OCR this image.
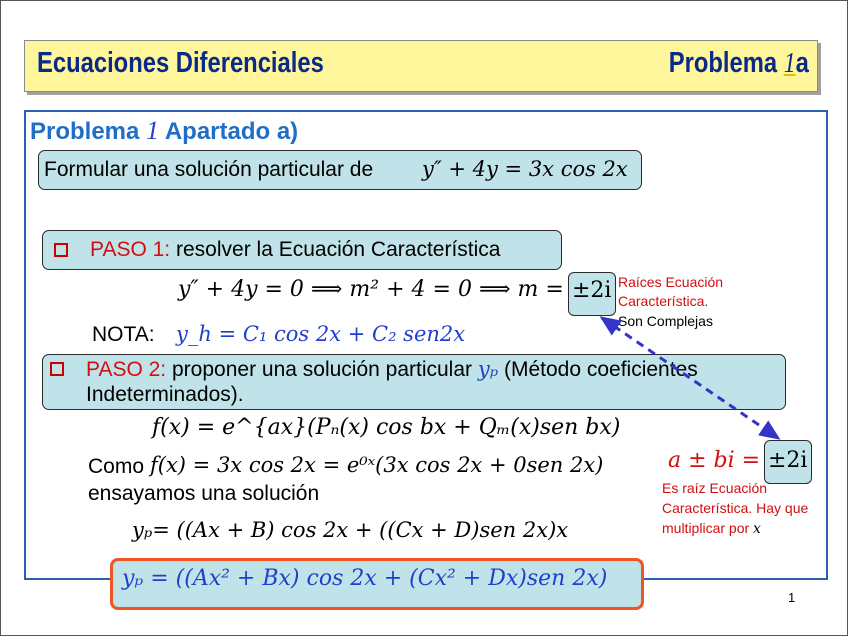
Ecuaciones Diferenciales	Problema 1a
Problema 1 Apartado a)
Formular una solución particular de y″ + 4y = 3x cos 2x
PASO 1: resolver la Ecuación Característica
y″ + 4y = 0 ⟹ m² + 4 = 0 ⟹ m = ±2i Raíces Ecuación
Característica.
Son Complejas
NOTA: y_h = C₁ cos 2x + C₂ sen2x
PASO 2: proponer una solución particular yₚ (Método coeficientes
Indeterminados).
f(x) = e^{ax}(Pₙ(x) cos bx + Qₘ(x)sen bx)
Como f(x) = 3x cos 2x = e⁰ˣ(3x cos 2x + 0sen 2x)
ensayamos una solución
a ± bi = ±2i
Es raíz Ecuación
Característica. Hay que
multiplicar por x
yₚ= ((Ax + B) cos 2x + ((Cx + D)sen 2x)x
yₚ = ((Ax² + Bx) cos 2x + (Cx² + Dx)sen 2x)
1
